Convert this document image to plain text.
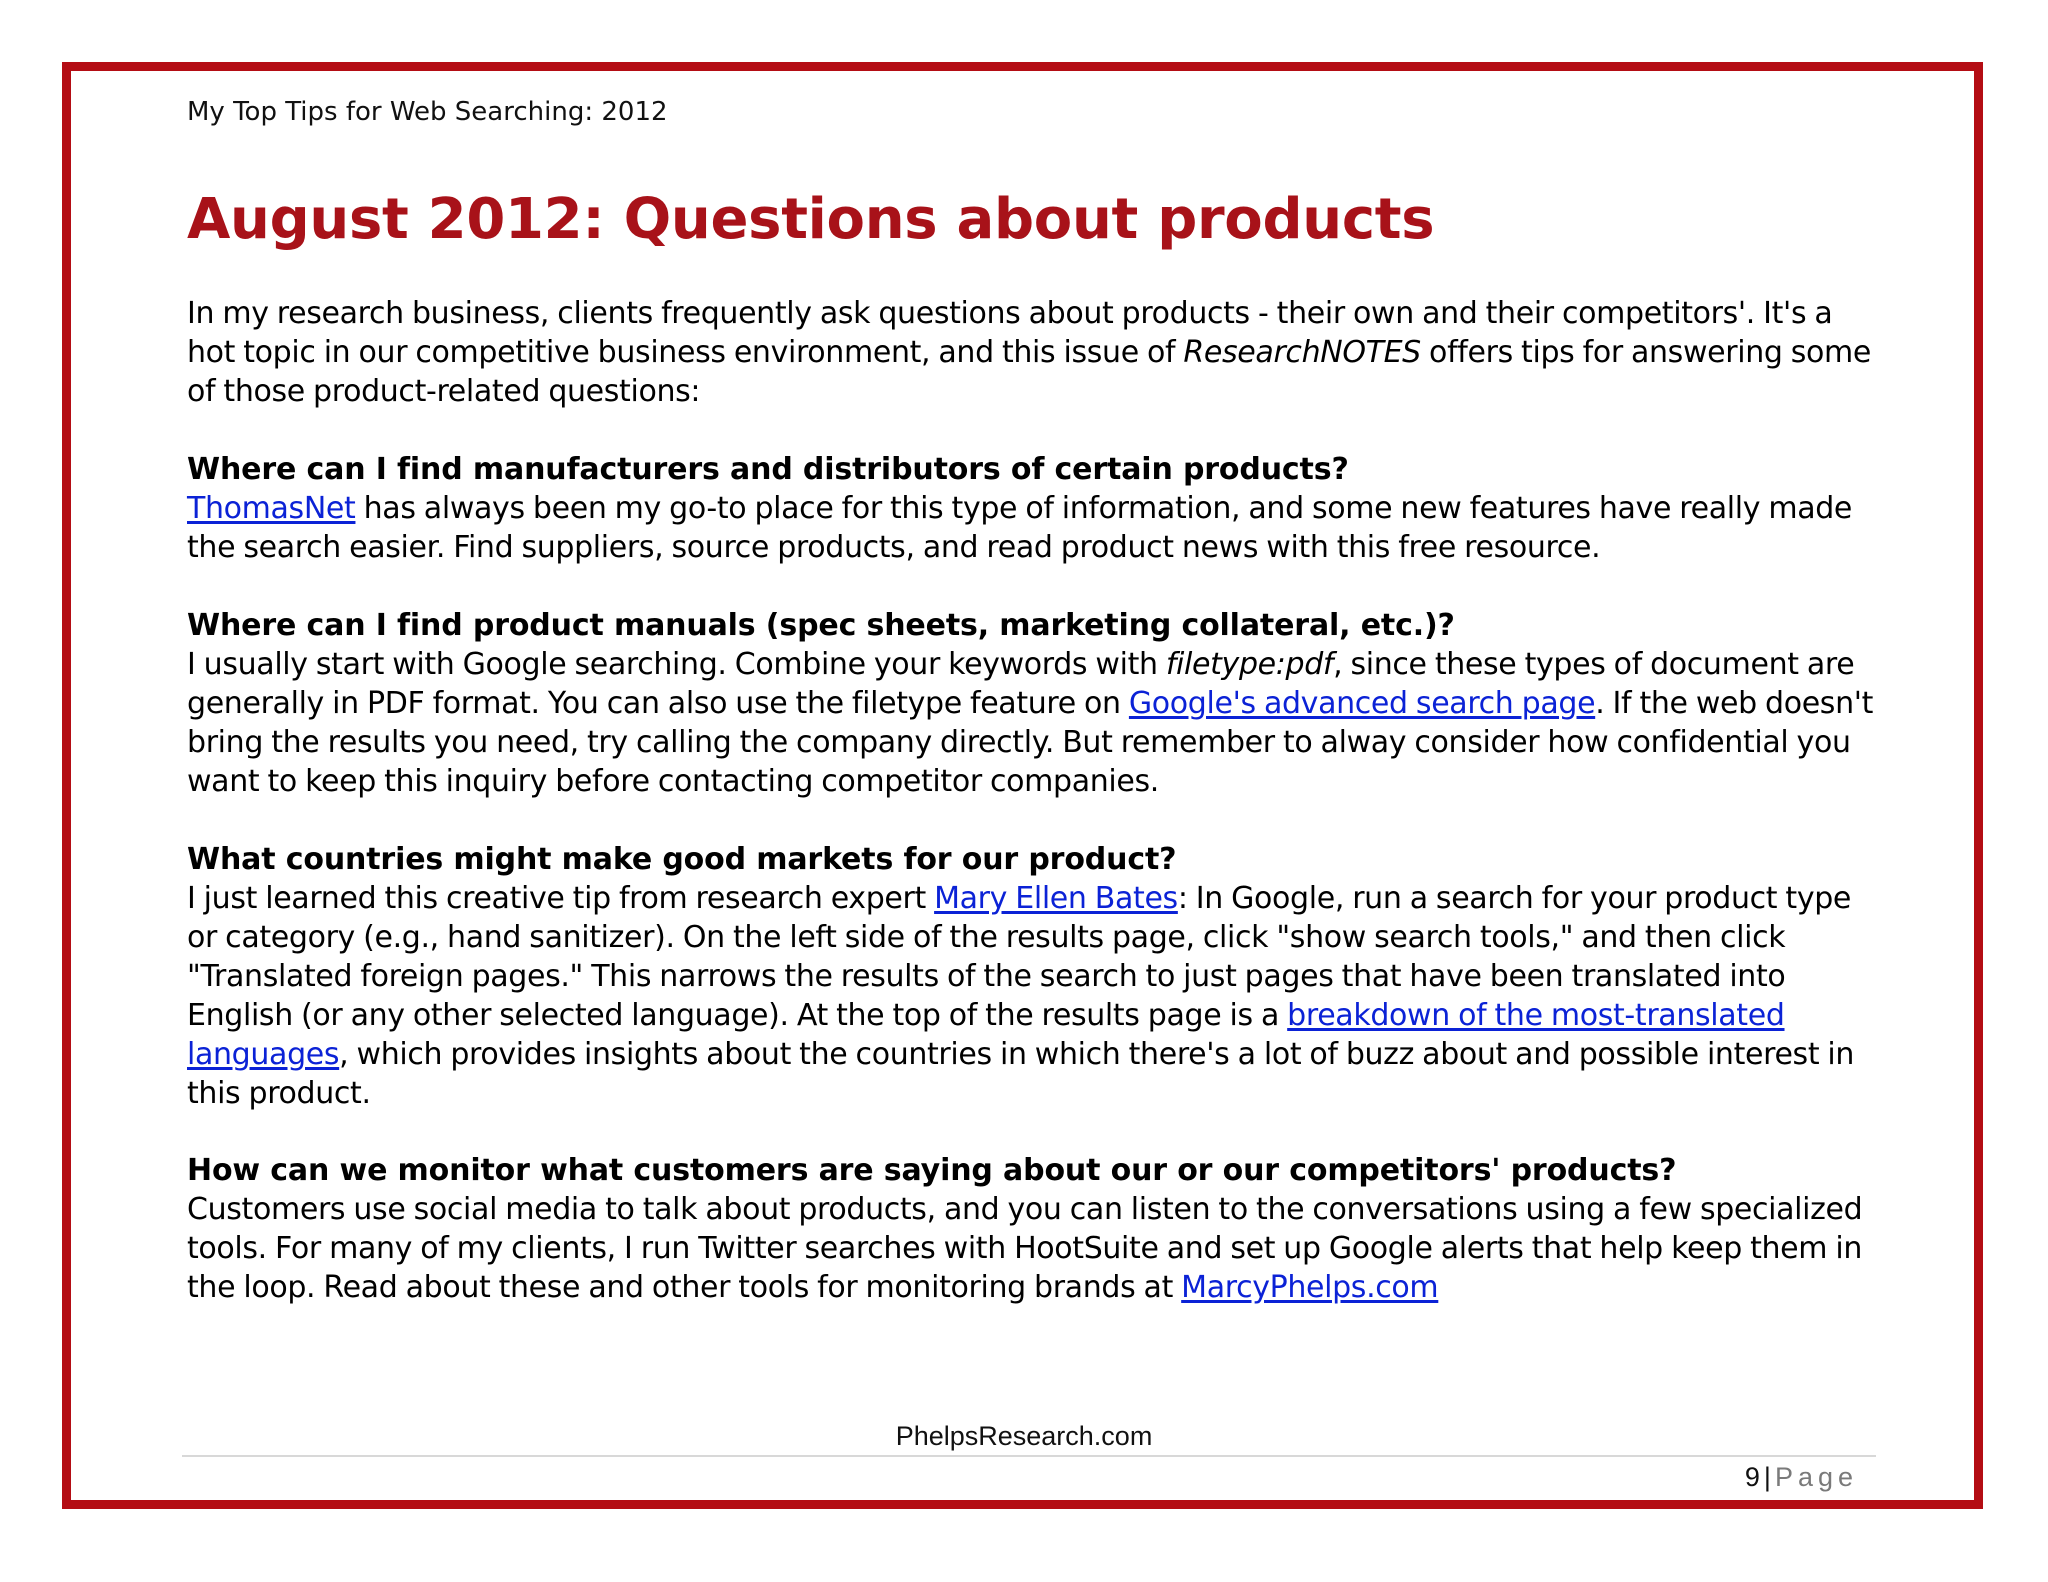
My Top Tips for Web Searching: 2012
August 2012: Questions about products

In my research business, clients frequently ask questions about products - their own and their competitors'. It's a hot topic in our competitive business environment, and this issue of ResearchNOTES offers tips for answering some of those product-related questions:

Where can I find manufacturers and distributors of certain products?

ThomasNet has always been my go-to place for this type of information, and some new features have really made the search easier. Find suppliers, source products, and read product news with this free resource.

Where can I find product manuals (spec sheets, marketing collateral, etc.)?

I usually start with Google searching. Combine your keywords with filetype:pdf, since these types of document are generally in PDF format. You can also use the filetype feature on Google's advanced search page. If the web doesn't bring the results you need, try calling the company directly. But remember to alway consider how confidential you want to keep this inquiry before contacting competitor companies.

What countries might make good markets for our product?

I just learned this creative tip from research expert Mary Ellen Bates: In Google, run a search for your product type or category (e.g., hand sanitizer). On the left side of the results page, click "show search tools," and then click "Translated foreign pages." This narrows the results of the search to just pages that have been translated into English (or any other selected language). At the top of the results page is a breakdown of the most-translated languages, which provides insights about the countries in which there's a lot of buzz about and possible interest in this product.

How can we monitor what customers are saying about our or our competitors' products?

Customers use social media to talk about products, and you can listen to the conversations using a few specialized tools. For many of my clients, I run Twitter searches with HootSuite and set up Google alerts that help keep them in the loop. Read about these and other tools for monitoring brands at MarcyPhelps.com

PhelpsResearch.com
9 | Page
